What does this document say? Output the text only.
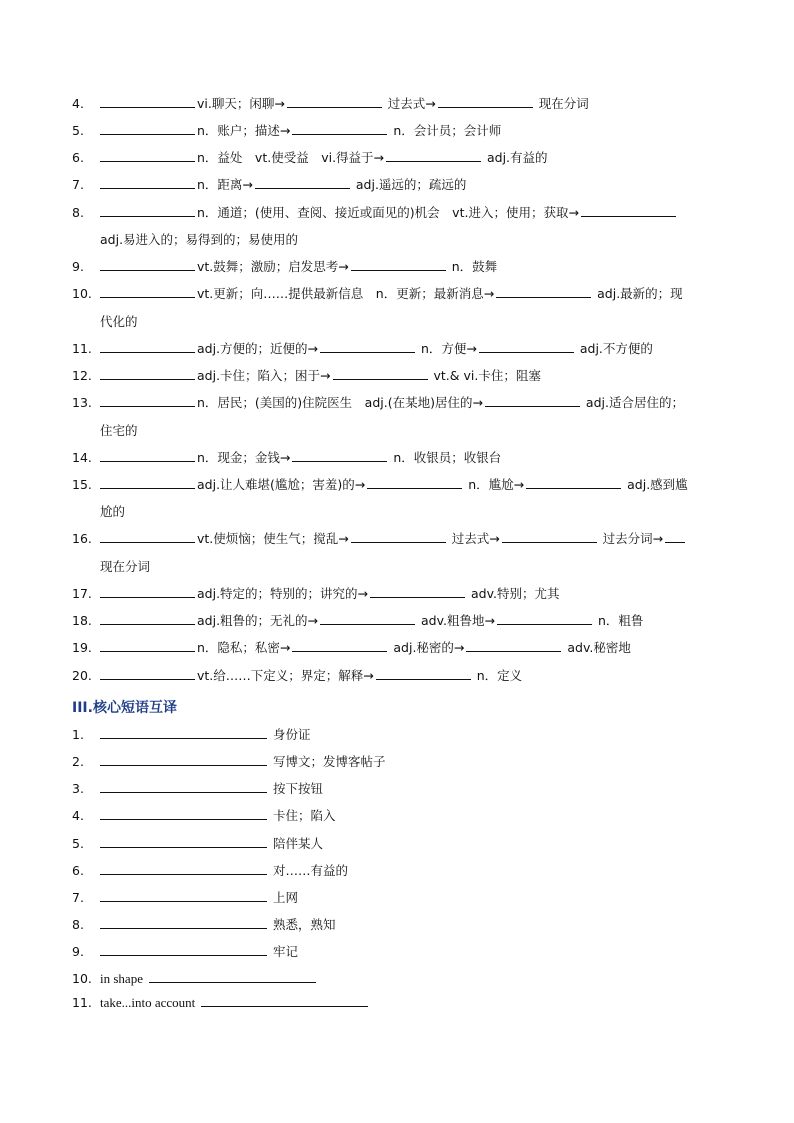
4.	vi.聊天；闲聊→	过去式→	现在分词
5.	n．账户；描述→	n．会计员；会计师
6.	n．益处　vt.使受益　vi.得益于→	adj.有益的
7.	n．距离→	adj.遥远的；疏远的
8.	n．通道；(使用、查阅、接近或面见的)机会　vt.进入；使用；获取→
adj.易进入的；易得到的；易使用的
9.	vt.鼓舞；激励；启发思考→	n．鼓舞
10.	vt.更新；向……提供最新信息　n．更新；最新消息→	adj.最新的；现
代化的
11.	adj.方便的；近便的→	n．方便→	adj.不方便的
12.	adj.卡住；陷入；困于→	vt.& vi.卡住；阻塞
13.	n．居民；(美国的)住院医生　adj.(在某地)居住的→	adj.适合居住的；
住宅的
14.	n．现金；金钱→	n．收银员；收银台
15.	adj.让人难堪(尴尬；害羞)的→	n．尴尬→	adj.感到尴
尬的
16.	vt.使烦恼；使生气；搅乱→	过去式→	过去分词→
现在分词
17.	adj.特定的；特别的；讲究的→	adv.特别；尤其
18.	adj.粗鲁的；无礼的→	adv.粗鲁地→	n．粗鲁
19.	n．隐私；私密→	adj.秘密的→	adv.秘密地
20.	vt.给……下定义；界定；解释→	n．定义
III.核心短语互译
1.	身份证
2.	写博文；发博客帖子
3.	按下按钮
4.	卡住；陷入
5.	陪伴某人
6.	对……有益的
7.	上网
8.	熟悉，熟知
9.	牢记
10. in shape
11. take...into account
